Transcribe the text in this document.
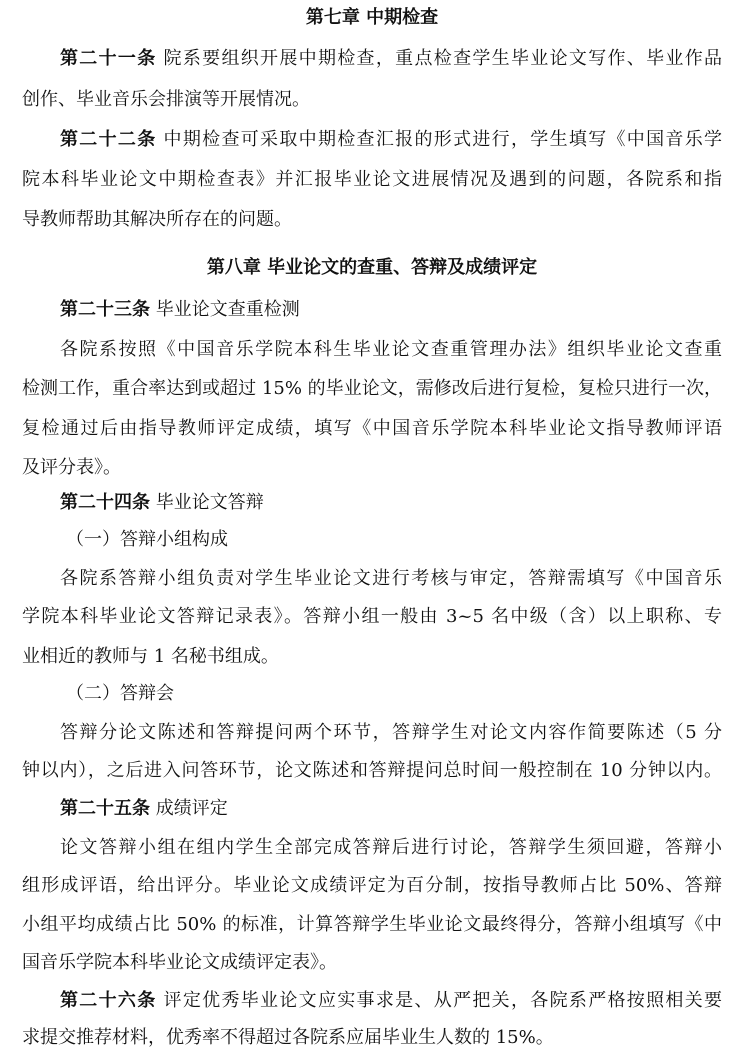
第七章 中期检查
第二十一条 院系要组织开展中期检查，重点检查学生毕业论文写作、毕业作品
创作、毕业音乐会排演等开展情况。
第二十二条 中期检查可采取中期检查汇报的形式进行，学生填写《中国音乐学
院本科毕业论文中期检查表》并汇报毕业论文进展情况及遇到的问题，各院系和指
导教师帮助其解决所存在的问题。
第八章 毕业论文的查重、答辩及成绩评定
第二十三条 毕业论文查重检测
各院系按照《中国音乐学院本科生毕业论文查重管理办法》组织毕业论文查重
检测工作，重合率达到或超过 15% 的毕业论文，需修改后进行复检，复检只进行一次，
复检通过后由指导教师评定成绩，填写《中国音乐学院本科毕业论文指导教师评语
及评分表》。
第二十四条 毕业论文答辩
（一）答辩小组构成
各院系答辩小组负责对学生毕业论文进行考核与审定，答辩需填写《中国音乐
学院本科毕业论文答辩记录表》。答辩小组一般由 3~5 名中级（含）以上职称、专
业相近的教师与 1 名秘书组成。
（二）答辩会
答辩分论文陈述和答辩提问两个环节，答辩学生对论文内容作简要陈述（5 分
钟以内），之后进入问答环节，论文陈述和答辩提问总时间一般控制在 10 分钟以内。
第二十五条 成绩评定
论文答辩小组在组内学生全部完成答辩后进行讨论，答辩学生须回避，答辩小
组形成评语，给出评分。毕业论文成绩评定为百分制，按指导教师占比 50%、答辩
小组平均成绩占比 50% 的标准，计算答辩学生毕业论文最终得分，答辩小组填写《中
国音乐学院本科毕业论文成绩评定表》。
第二十六条 评定优秀毕业论文应实事求是、从严把关，各院系严格按照相关要
求提交推荐材料，优秀率不得超过各院系应届毕业生人数的 15%。
